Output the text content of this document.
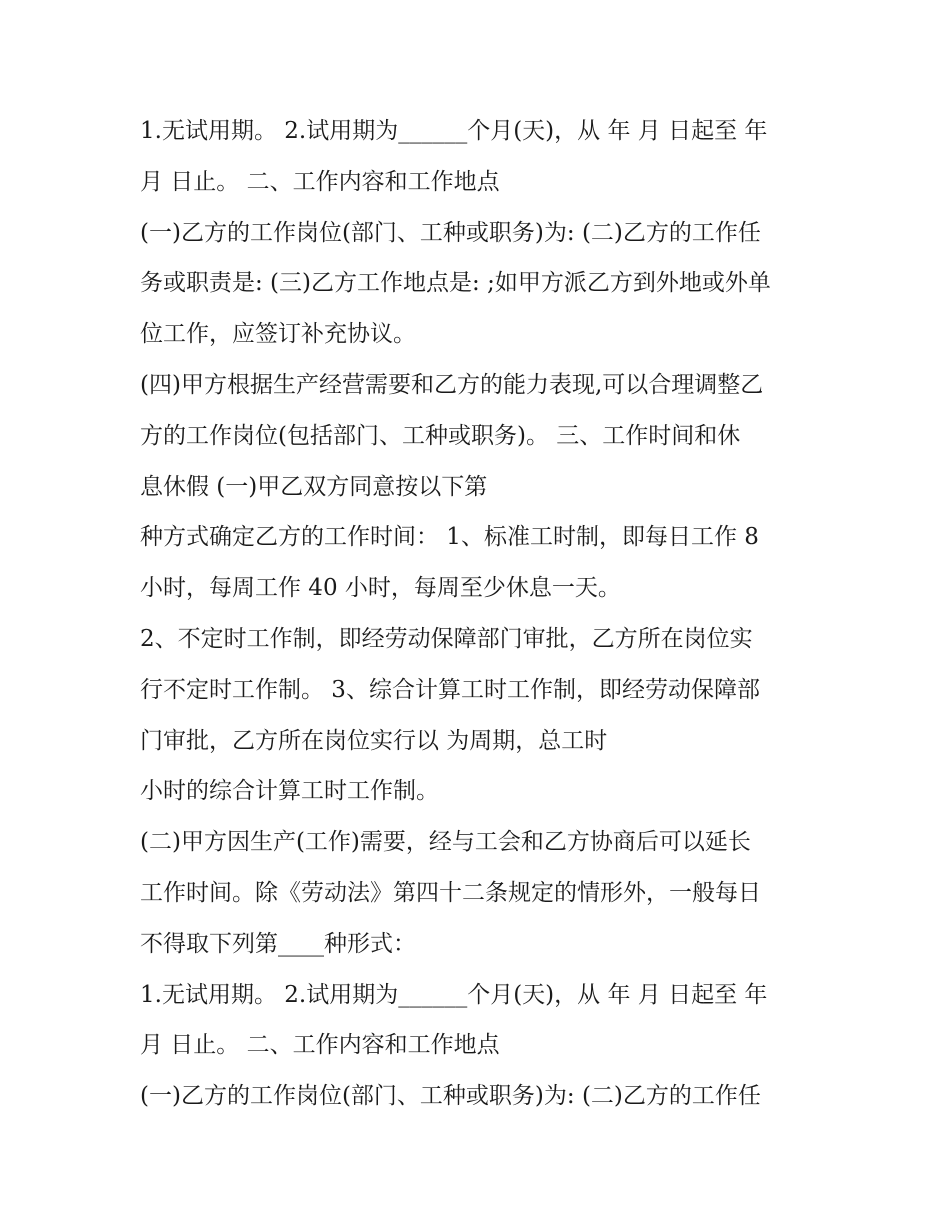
1.无试用期。 2.试用期为______个月(天)，从 年 月 日起至 年
月 日止。 二、工作内容和工作地点
(一)乙方的工作岗位(部门、工种或职务)为: (二)乙方的工作任
务或职责是: (三)乙方工作地点是: ;如甲方派乙方到外地或外单
位工作，应签订补充协议。
(四)甲方根据生产经营需要和乙方的能力表现,可以合理调整乙
方的工作岗位(包括部门、工种或职务)。 三、工作时间和休
息休假 (一)甲乙双方同意按以下第
种方式确定乙方的工作时间： 1、标准工时制，即每日工作 8
小时，每周工作 40 小时，每周至少休息一天。
2、不定时工作制，即经劳动保障部门审批，乙方所在岗位实
行不定时工作制。 3、综合计算工时工作制，即经劳动保障部
门审批，乙方所在岗位实行以 为周期，总工时
小时的综合计算工时工作制。
(二)甲方因生产(工作)需要，经与工会和乙方协商后可以延长
工作时间。除《劳动法》第四十二条规定的情形外，一般每日
不得取下列第____种形式：
1.无试用期。 2.试用期为______个月(天)，从 年 月 日起至 年
月 日止。 二、工作内容和工作地点
(一)乙方的工作岗位(部门、工种或职务)为: (二)乙方的工作任
